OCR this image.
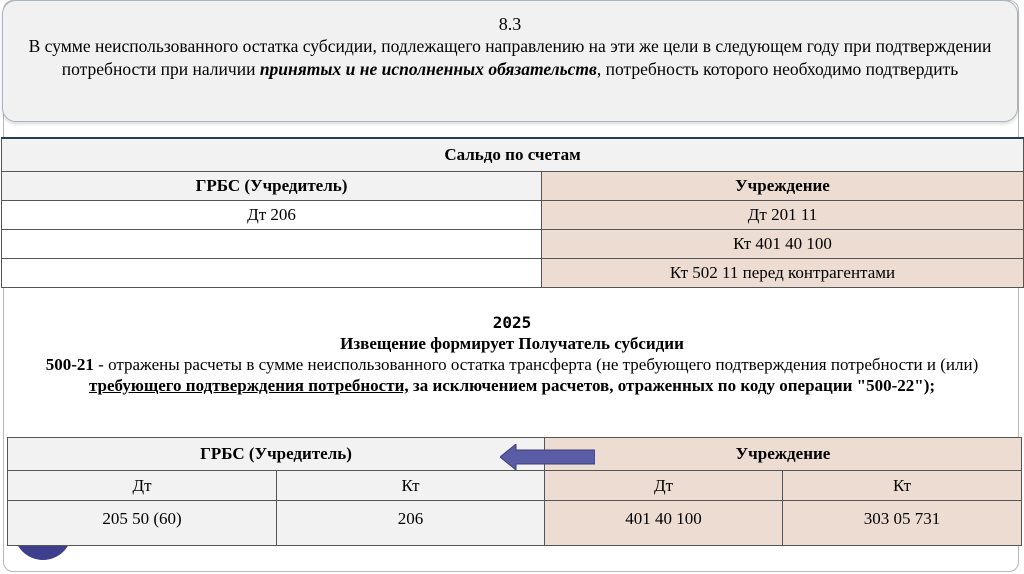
8.3
В сумме неиспользованного остатка субсидии, подлежащего направлению на эти же цели в следующем году при подтверждении потребности при наличии принятых и не исполненных обязательств, потребность которого необходимо подтвердить
Сальдо по счетам	
ГРБС (Учредитель)	Учреждение
Дт 206	Дт 201 11
	Кт 401 40 100
	Кт 502 11 перед контрагентами
2025
Извещение формирует Получатель субсидии
500-21 - отражены расчеты в сумме неиспользованного остатка трансферта (не требующего подтверждения потребности и (или) требующего подтверждения потребности, за исключением расчетов, отраженных по коду операции "500-22");
ГРБС (Учредитель)		Учреждение	
Дт	Кт	Дт	Кт
205 50 (60)	206	401 40 100	303 05 731
